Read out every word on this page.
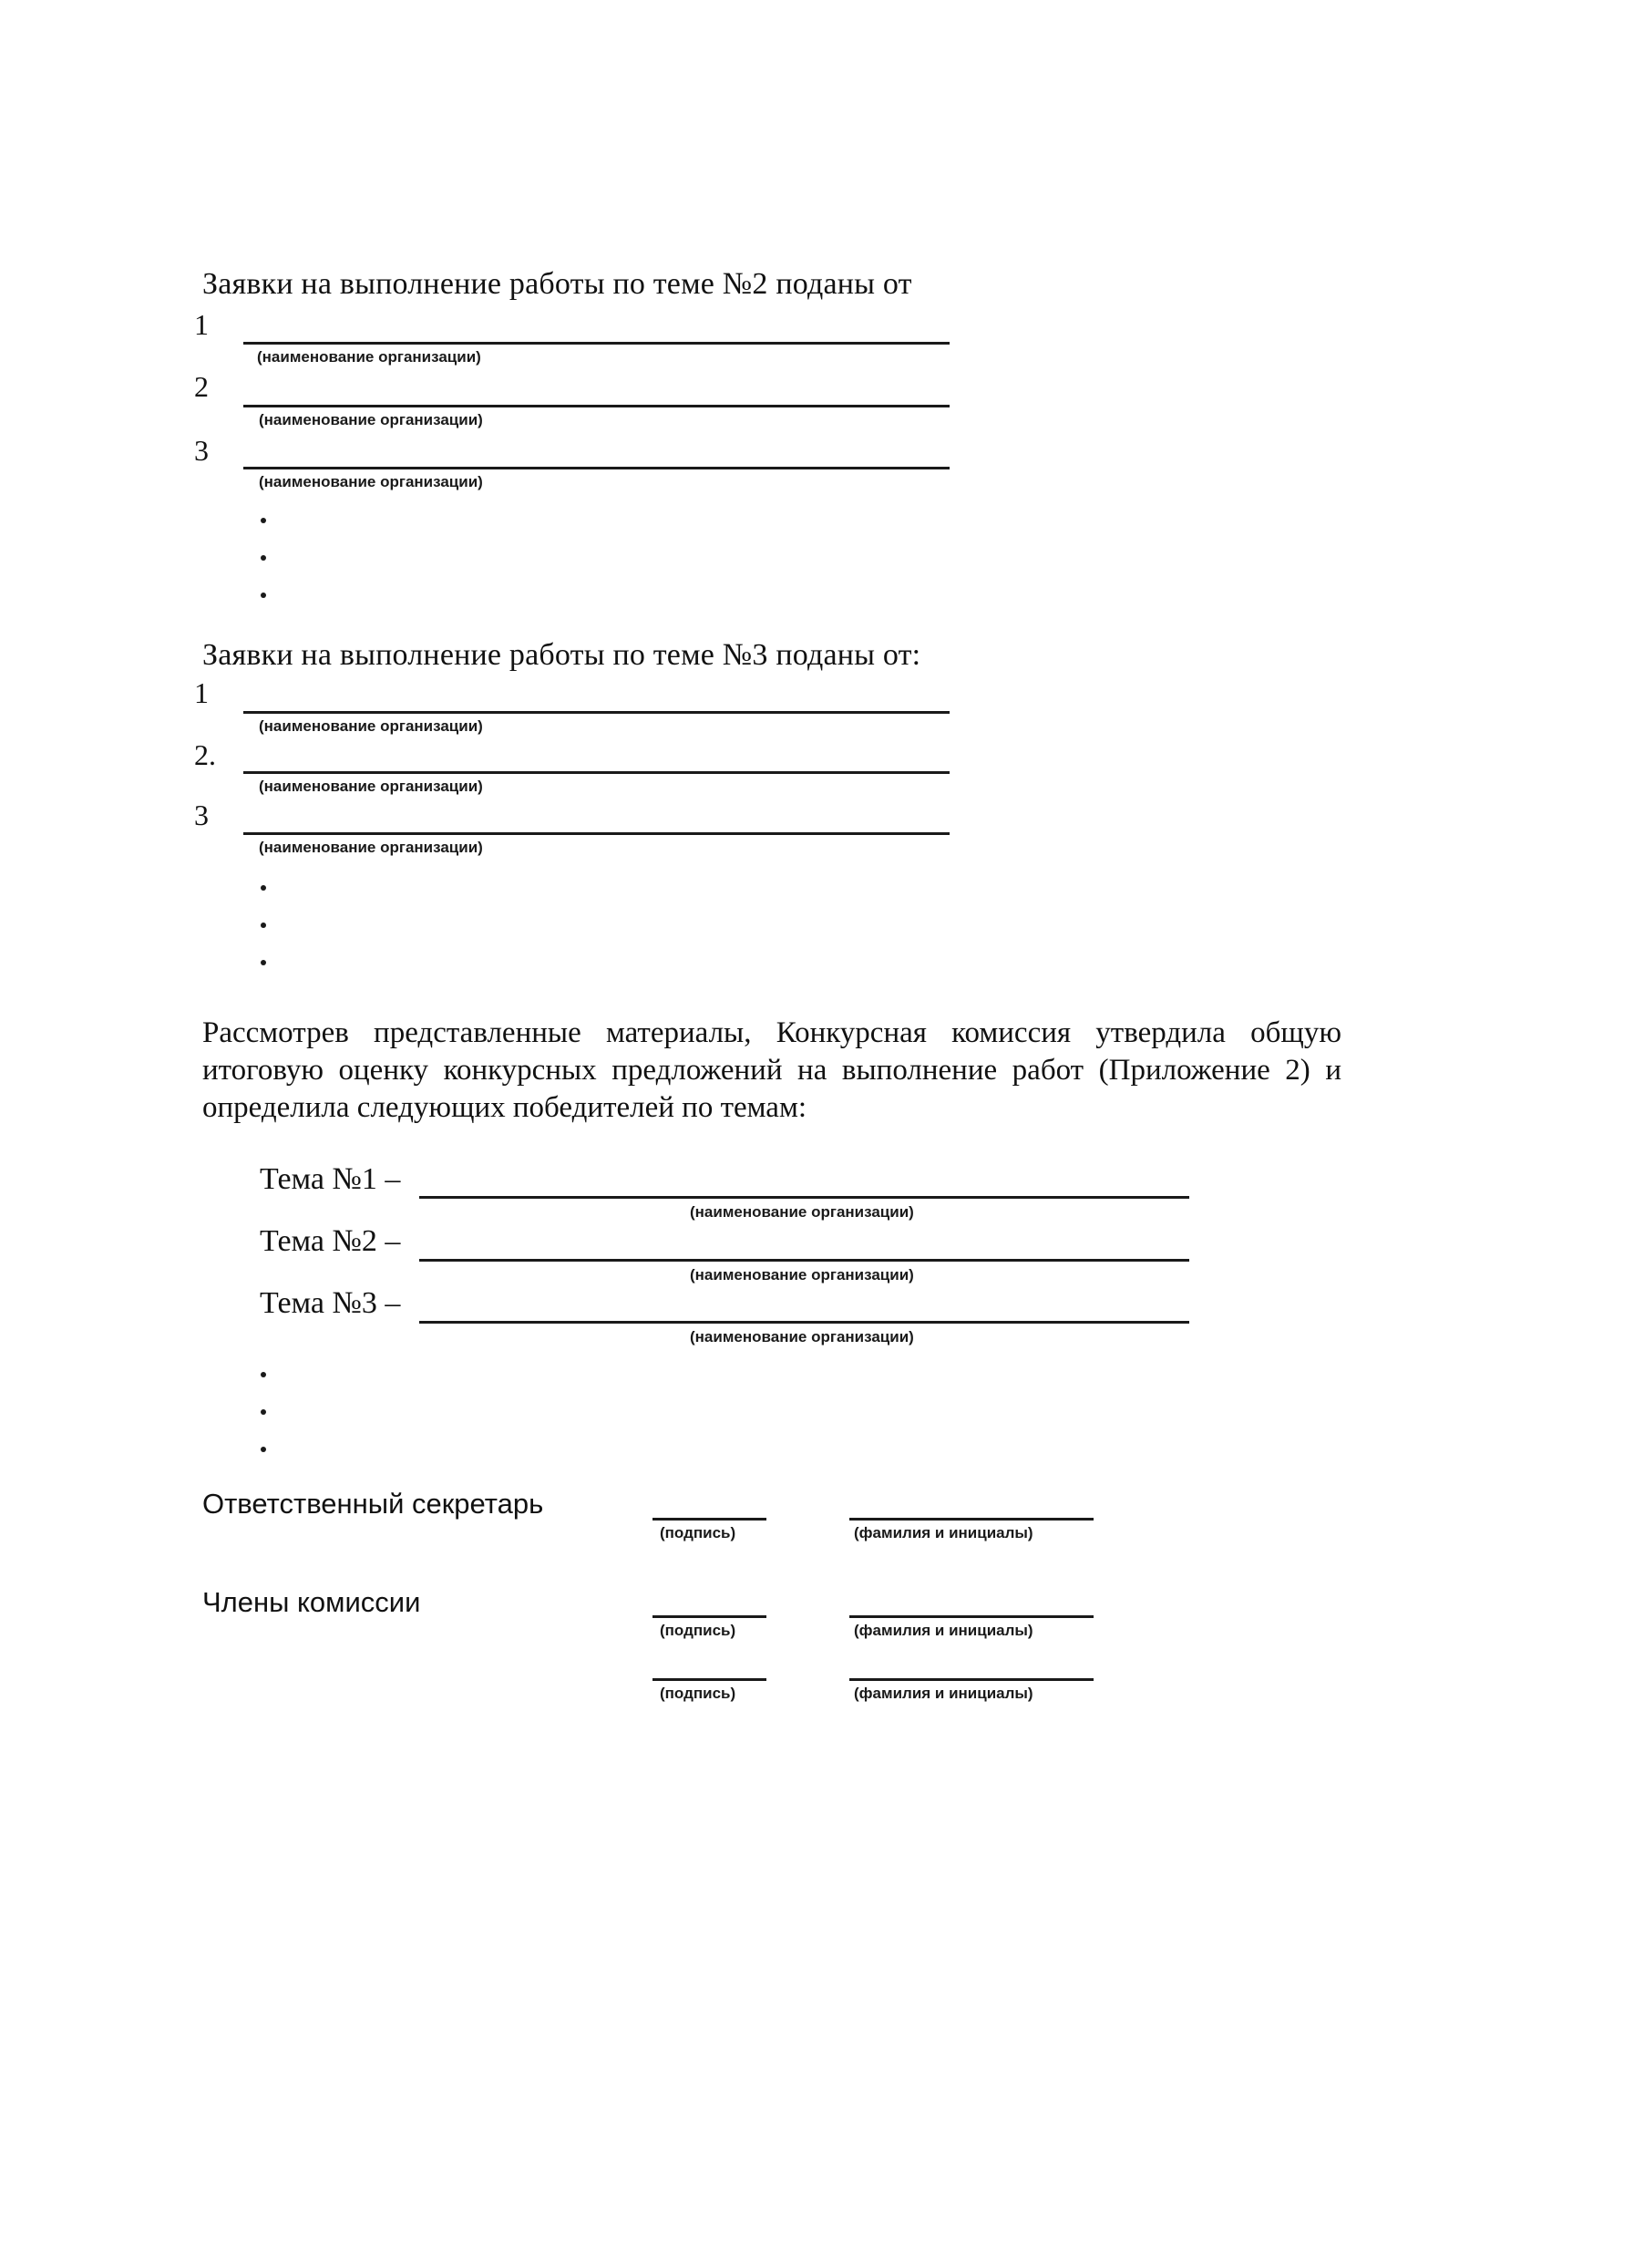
Заявки на выполнение работы по теме №2 поданы от
1
(наименование организации)
2
(наименование организации)
3
(наименование организации)
Заявки на выполнение работы по теме №3 поданы от:
1
(наименование организации)
2.
(наименование организации)
3
(наименование организации)

Рассмотрев представленные материалы, Конкурсная комиссия утвердила общую

итоговую оценку конкурсных предложений на выполнение работ (Приложение 2) и

определила следующих победителей по темам:

Тема №1 –
(наименование организации)
Тема №2 –
(наименование организации)
Тема №3 –
(наименование организации)
Ответственный секретарь
(подпись)	(фамилия и инициалы)
Члены комиссии
(подпись)	(фамилия и инициалы)
(подпись)	(фамилия и инициалы)
